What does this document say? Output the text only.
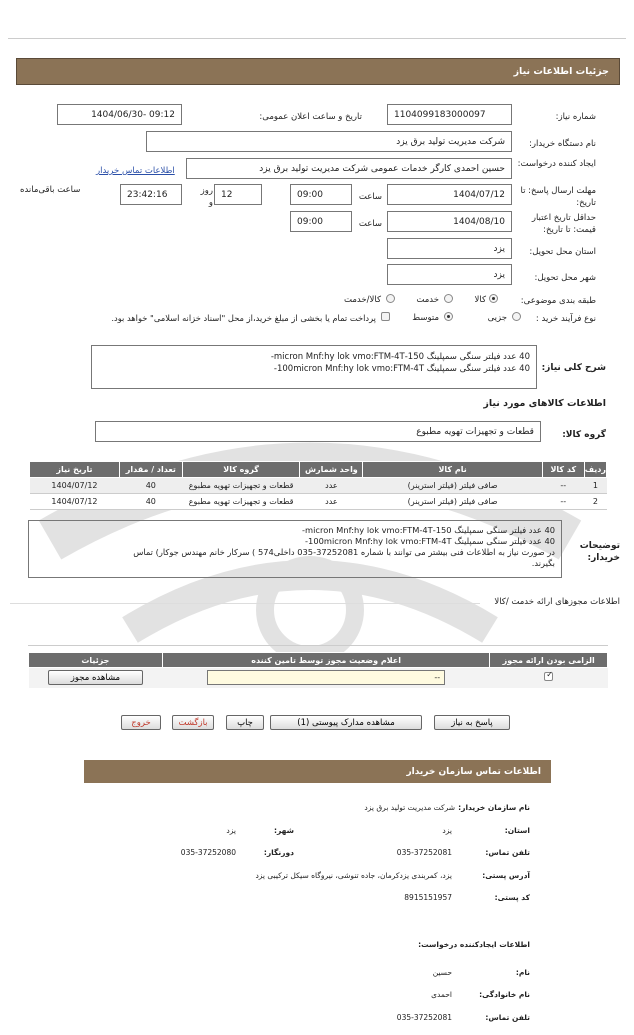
جزئیات اطلاعات نیاز
شماره نیاز:
1104099183000097
تاریخ و ساعت اعلان عمومی:
1404/06/30- 09:12
نام دستگاه خریدار:
شرکت مدیریت تولید برق یزد
ایجاد کننده درخواست:
حسین احمدی کارگر خدمات عمومی شرکت مدیریت تولید برق یزد
اطلاعات تماس خریدار
مهلت ارسال پاسخ: تا تاریخ:
1404/07/12
ساعت
09:00
12
روز و
23:42:16
ساعت باقی‌مانده
حداقل تاریخ اعتبار قیمت: تا تاریخ:
1404/08/10
ساعت
09:00
استان محل تحویل:
یزد
شهر محل تحویل:
یزد
طبقه بندی موضوعی:
کالا
خدمت
کالا/خدمت
نوع فرآیند خرید :
جزیی
متوسط
پرداخت تمام یا بخشی از مبلغ خرید،از محل "اسناد خزانه اسلامی" خواهد بود.
شرح کلی نیاز:
40 عدد فیلتر سنگی سمپلینگ 150-micron Mnf:hy lok vmo:FTM-4T-
40 عدد فیلتر سنگی سمپلینگ 100micron Mnf:hy lok vmo:FTM-4T-
اطلاعات کالاهای مورد نیاز
گروه کالا:
قطعات و تجهیزات تهویه مطبوع
ردیف	کد کالا	نام کالا	واحد شمارش	گروه کالا	تعداد / مقدار	تاریخ نیاز
1	--	صافی فیلتر (فیلتر استرینر)	عدد	قطعات و تجهیزات تهویه مطبوع	40	1404/07/12
2	--	صافی فیلتر (فیلتر استرینر)	عدد	قطعات و تجهیزات تهویه مطبوع	40	1404/07/12
توضیحات خریدار:
40 عدد فیلتر سنگی سمپلینگ 150-micron Mnf:hy lok vmo:FTM-4T-
40 عدد فیلتر سنگی سمپلینگ 100micron Mnf:hy lok vmo:FTM-4T-
در صورت نیاز به اطلاعات فنی بیشتر می توانند با شماره 37252081-035 داخلی574 ) سرکار خانم مهندس جوکار) تماس
بگیرند.
اطلاعات مجوزهای ارائه خدمت /کالا
الزامی بودن ارائه مجوز	اعلام وضعیت مجوز توسط تامین کننده	جزئیات

✓	--	مشاهده مجوز
پاسخ به نیاز
مشاهده مدارک پیوستی (1)
چاپ
بازگشت
خروج
اطلاعات تماس سازمان خریدار
نام سازمان خریدار:
شرکت مدیریت تولید برق یزد
استان:
یزد
شهر:
یزد
تلفن تماس:
035-37252081
دورنگار:
035-37252080
آدرس پستی:
یزد، کمربندی یزدکرمان، جاده تنوشی، نیروگاه سیکل ترکیبی یزد
کد پستی:
8915151957
اطلاعات ایجادکننده درخواست:
نام:
حسین
نام خانوادگی:
احمدی
تلفن تماس:
035-37252081
